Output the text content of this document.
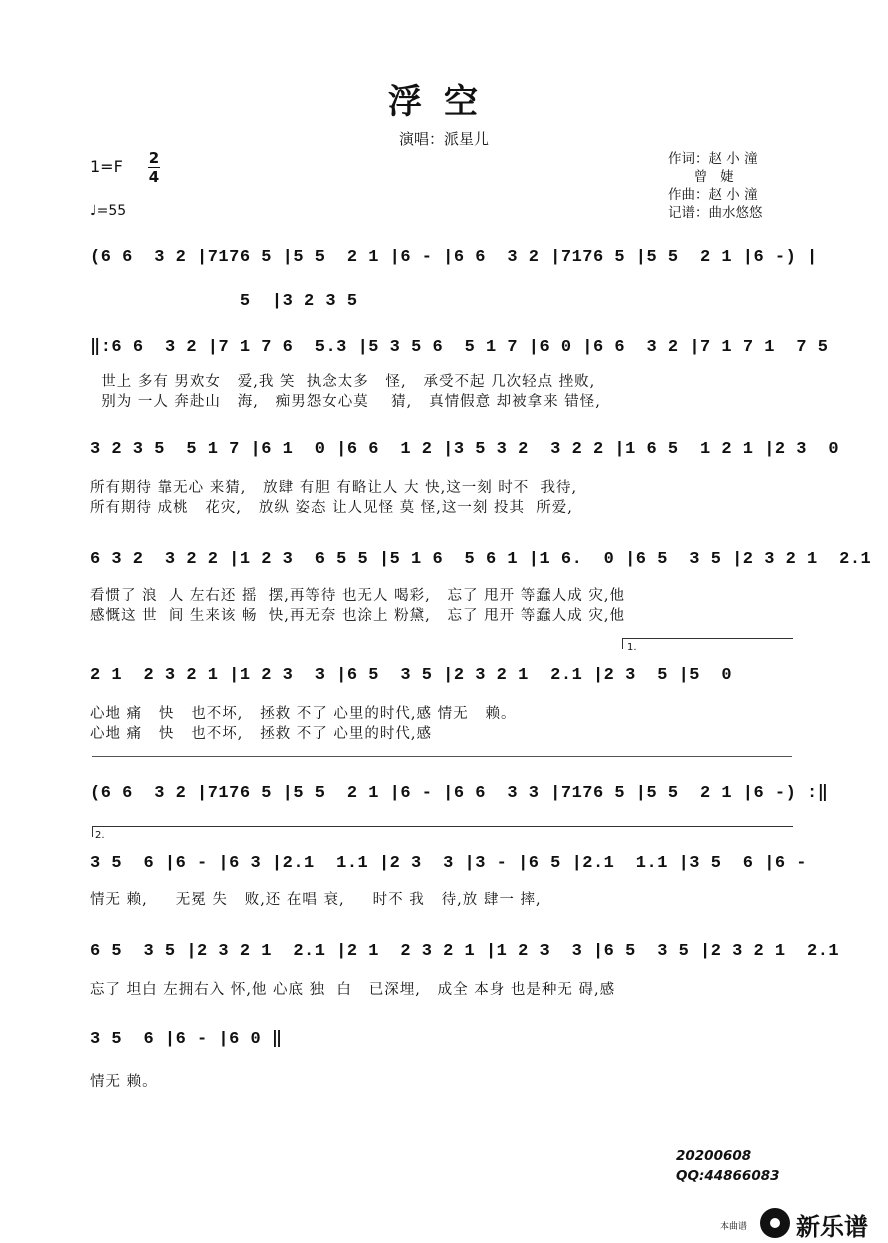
浮空
演唱：派星儿
1=F 2
4
♩=55
作词：赵 小 潼
曾   婕
作曲：赵 小 潼
记谱：曲水悠悠
(6 6  3 2 |7176 5 |5 5  2 1 |6 - |6 6  3 2 |7176 5 |5 5  2 1 |6 -) |
5  |3 2 3 5
‖:6 6  3 2 |7 1 7 6  5.3 |5 3 5 6  5 1 7 |6 0 |6 6  3 2 |7 1 7 1  7 5
世上 多有 男欢女   爱,我 笑  执念太多   怪,   承受不起 几次轻点 挫败,
别为 一人 奔赴山   海,   痴男怨女心莫    猜,   真情假意 却被拿来 错怪,
3 2 3 5  5 1 7 |6 1  0 |6 6  1 2 |3 5 3 2  3 2 2 |1 6 5  1 2 1 |2 3  0
所有期待 靠无心 来猜,   放肆 有胆 有略让人 大 快,这一刻 时不  我待,
所有期待 成桃   花灾,   放纵 姿态 让人见怪 莫 怪,这一刻 投其  所爱,
6 3 2  3 2 2 |1 2 3  6 5 5 |5 1 6  5 6 1 |1 6.  0 |6 5  3 5 |2 3 2 1  2.1
看惯了 浪  人 左右还 摇  摆,再等待 也无人 喝彩,   忘了 甩开 等蠢人成 灾,他
感慨这 世  间 生来该 畅  快,再无奈 也涂上 粉黛,   忘了 甩开 等蠢人成 灾,他
1.
2 1  2 3 2 1 |1 2 3  3 |6 5  3 5 |2 3 2 1  2.1 |2 3  5 |5  0
心地 痛   快   也不坏,   拯救 不了 心里的时代,感 情无   赖。
心地 痛   快   也不坏,   拯救 不了 心里的时代,感
(6 6  3 2 |7176 5 |5 5  2 1 |6 - |6 6  3 3 |7176 5 |5 5  2 1 |6 -) :‖
2.
3 5  6 |6 - |6 3 |2.1  1.1 |2 3  3 |3 - |6 5 |2.1  1.1 |3 5  6 |6 -
情无 赖,     无冕 失   败,还 在唱 衰,     时不 我   待,放 肆一 摔,
6 5  3 5 |2 3 2 1  2.1 |2 1  2 3 2 1 |1 2 3  3 |6 5  3 5 |2 3 2 1  2.1
忘了 坦白 左拥右入 怀,他 心底 独  白   已深埋,   成全 本身 也是种无 碍,感
3 5  6 |6 - |6 0 ‖
情无 赖。
20200608
QQ:44866083
本曲谱 新乐谱
